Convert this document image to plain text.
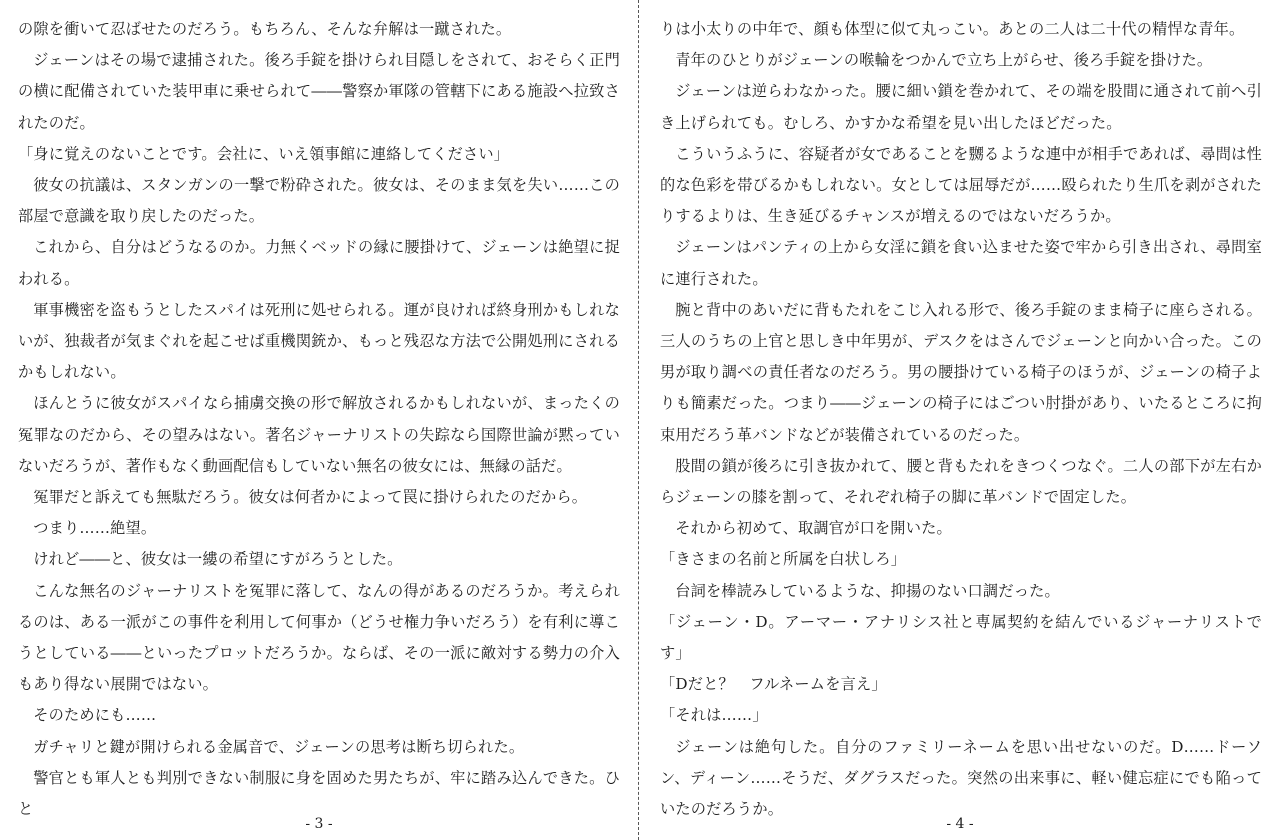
の隙を衝いて忍ばせたのだろう。もちろん、そんな弁解は一蹴された。

ジェーンはその場で逮捕された。後ろ手錠を掛けられ目隠しをされて、おそらく正門の横に配備されていた装甲車に乗せられて――警察か軍隊の管轄下にある施設へ拉致されたのだ。

「身に覚えのないことです。会社に、いえ領事館に連絡してください」

彼女の抗議は、スタンガンの一撃で粉砕された。彼女は、そのまま気を失い……この部屋で意識を取り戻したのだった。

これから、自分はどうなるのか。力無くベッドの縁に腰掛けて、ジェーンは絶望に捉われる。

軍事機密を盗もうとしたスパイは死刑に処せられる。運が良ければ終身刑かもしれないが、独裁者が気まぐれを起こせば重機関銃か、もっと残忍な方法で公開処刑にされるかもしれない。

ほんとうに彼女がスパイなら捕虜交換の形で解放されるかもしれないが、まったくの冤罪なのだから、その望みはない。著名ジャーナリストの失踪なら国際世論が黙っていないだろうが、著作もなく動画配信もしていない無名の彼女には、無縁の話だ。

冤罪だと訴えても無駄だろう。彼女は何者かによって罠に掛けられたのだから。

つまり……絶望。

けれど――と、彼女は一縷の希望にすがろうとした。

こんな無名のジャーナリストを冤罪に落して、なんの得があるのだろうか。考えられるのは、ある一派がこの事件を利用して何事か（どうせ権力争いだろう）を有利に導こうとしている――といったプロットだろうか。ならば、その一派に敵対する勢力の介入もあり得ない展開ではない。

そのためにも……

ガチャリと鍵が開けられる金属音で、ジェーンの思考は断ち切られた。

警官とも軍人とも判別できない制服に身を固めた男たちが、牢に踏み込んできた。ひと

- 3 -

りは小太りの中年で、顔も体型に似て丸っこい。あとの二人は二十代の精悍な青年。

青年のひとりがジェーンの喉輪をつかんで立ち上がらせ、後ろ手錠を掛けた。

ジェーンは逆らわなかった。腰に細い鎖を巻かれて、その端を股間に通されて前へ引き上げられても。むしろ、かすかな希望を見い出したほどだった。

こういうふうに、容疑者が女であることを嬲るような連中が相手であれば、尋問は性的な色彩を帯びるかもしれない。女としては屈辱だが……殴られたり生爪を剥がされたりするよりは、生き延びるチャンスが増えるのではないだろうか。

ジェーンはパンティの上から女淫に鎖を食い込ませた姿で牢から引き出され、尋問室に連行された。

腕と背中のあいだに背もたれをこじ入れる形で、後ろ手錠のまま椅子に座らされる。三人のうちの上官と思しき中年男が、デスクをはさんでジェーンと向かい合った。この男が取り調べの責任者なのだろう。男の腰掛けている椅子のほうが、ジェーンの椅子よりも簡素だった。つまり――ジェーンの椅子にはごつい肘掛があり、いたるところに拘束用だろう革バンドなどが装備されているのだった。

股間の鎖が後ろに引き抜かれて、腰と背もたれをきつくつなぐ。二人の部下が左右からジェーンの膝を割って、それぞれ椅子の脚に革バンドで固定した。

それから初めて、取調官が口を開いた。

「きさまの名前と所属を白状しろ」

台詞を棒読みしているような、抑揚のない口調だった。

「ジェーン・D。アーマー・アナリシス社と専属契約を結んでいるジャーナリストです」

「Dだと？　フルネームを言え」

「それは……」

ジェーンは絶句した。自分のファミリーネームを思い出せないのだ。D……ドーソン、ディーン……そうだ、ダグラスだった。突然の出来事に、軽い健忘症にでも陥っていたのだろうか。

- 4 -
